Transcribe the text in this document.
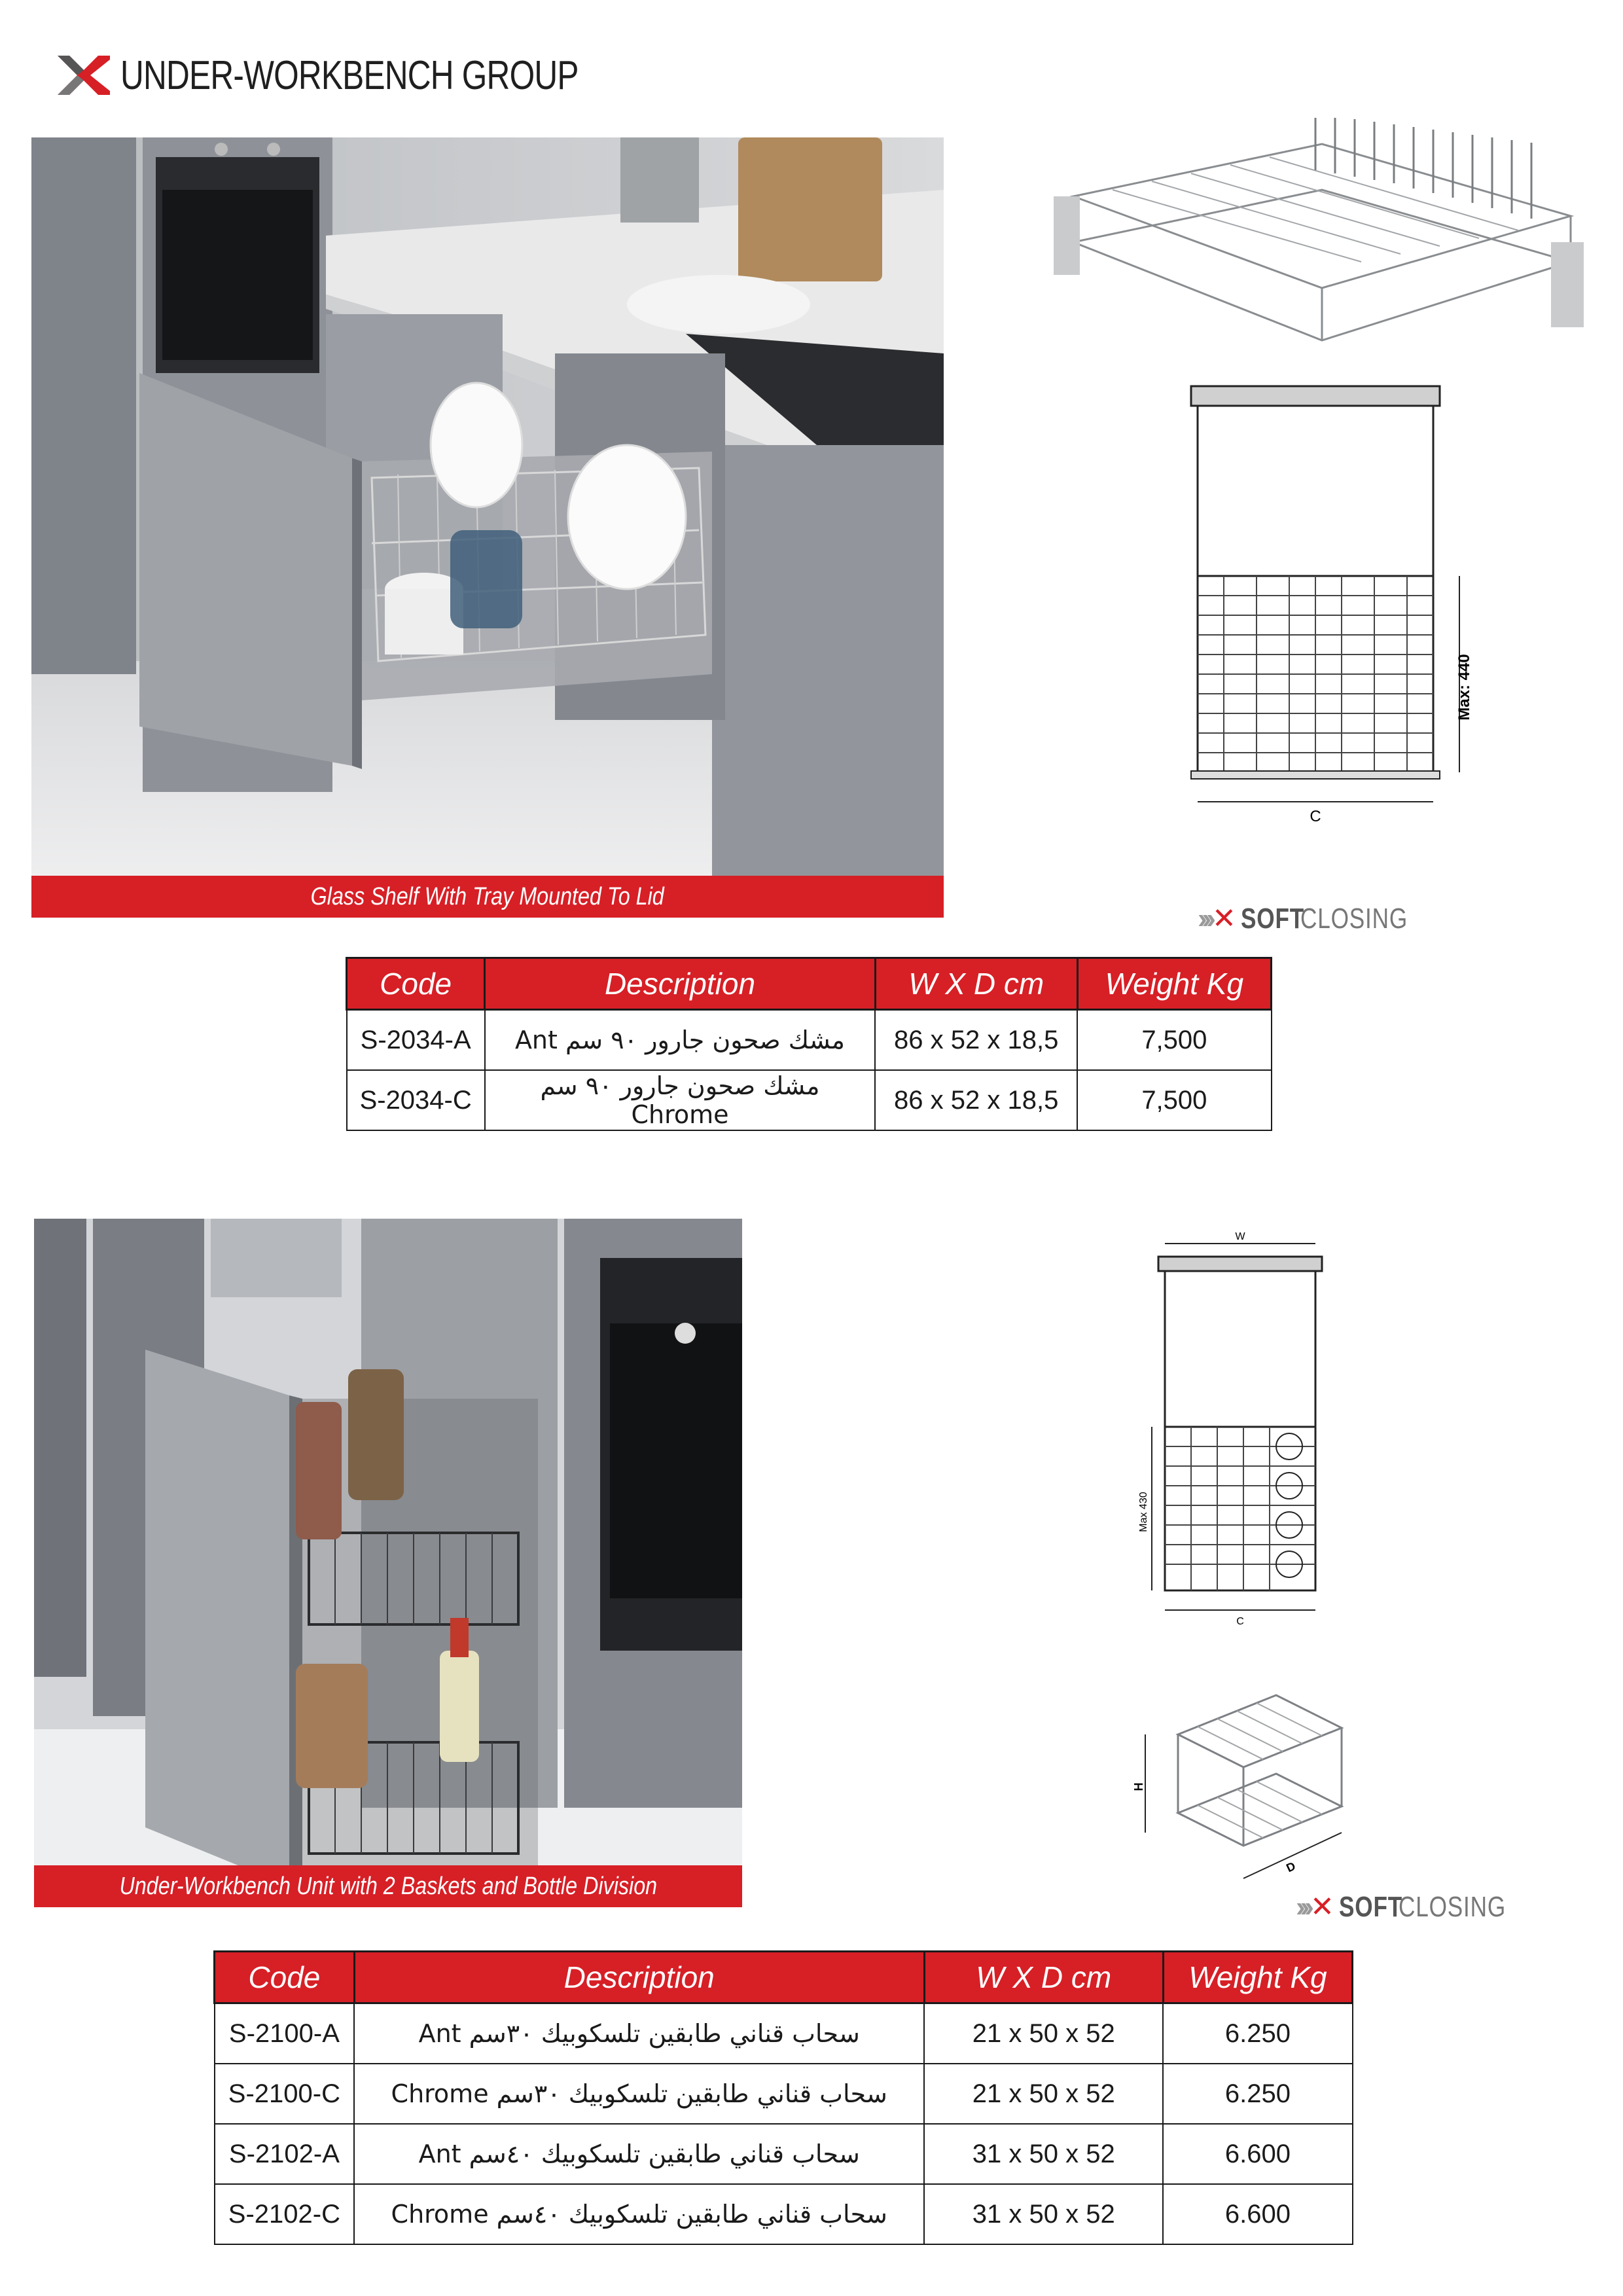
UNDER-WORKBENCH GROUP
Glass Shelf With Tray Mounted To Lid
Max: 440
C
››› ✕ SOFT
CLOSING
Code	Description	W X D cm	Weight Kg
S-2034-A	مشك صحون جارور ٩٠ سم Ant	86 x 52 x 18,5	7,500
S-2034-C	مشك صحون جارور ٩٠ سم Chrome	86 x 52 x 18,5	7,500
Under-Workbench Unit with 2 Baskets and Bottle Division
W
Max 430
C
H
D
››› ✕ SOFT
CLOSING
Code	Description	W X D cm	Weight Kg
S-2100-A	سحاب قناني طابقين تلسكوبيك ٣٠سم Ant	21 x 50 x 52	6.250
S-2100-C	سحاب قناني طابقين تلسكوبيك ٣٠سم Chrome	21 x 50 x 52	6.250
S-2102-A	سحاب قناني طابقين تلسكوبيك ٤٠سم Ant	31 x 50 x 52	6.600
S-2102-C	سحاب قناني طابقين تلسكوبيك ٤٠سم Chrome	31 x 50 x 52	6.600
